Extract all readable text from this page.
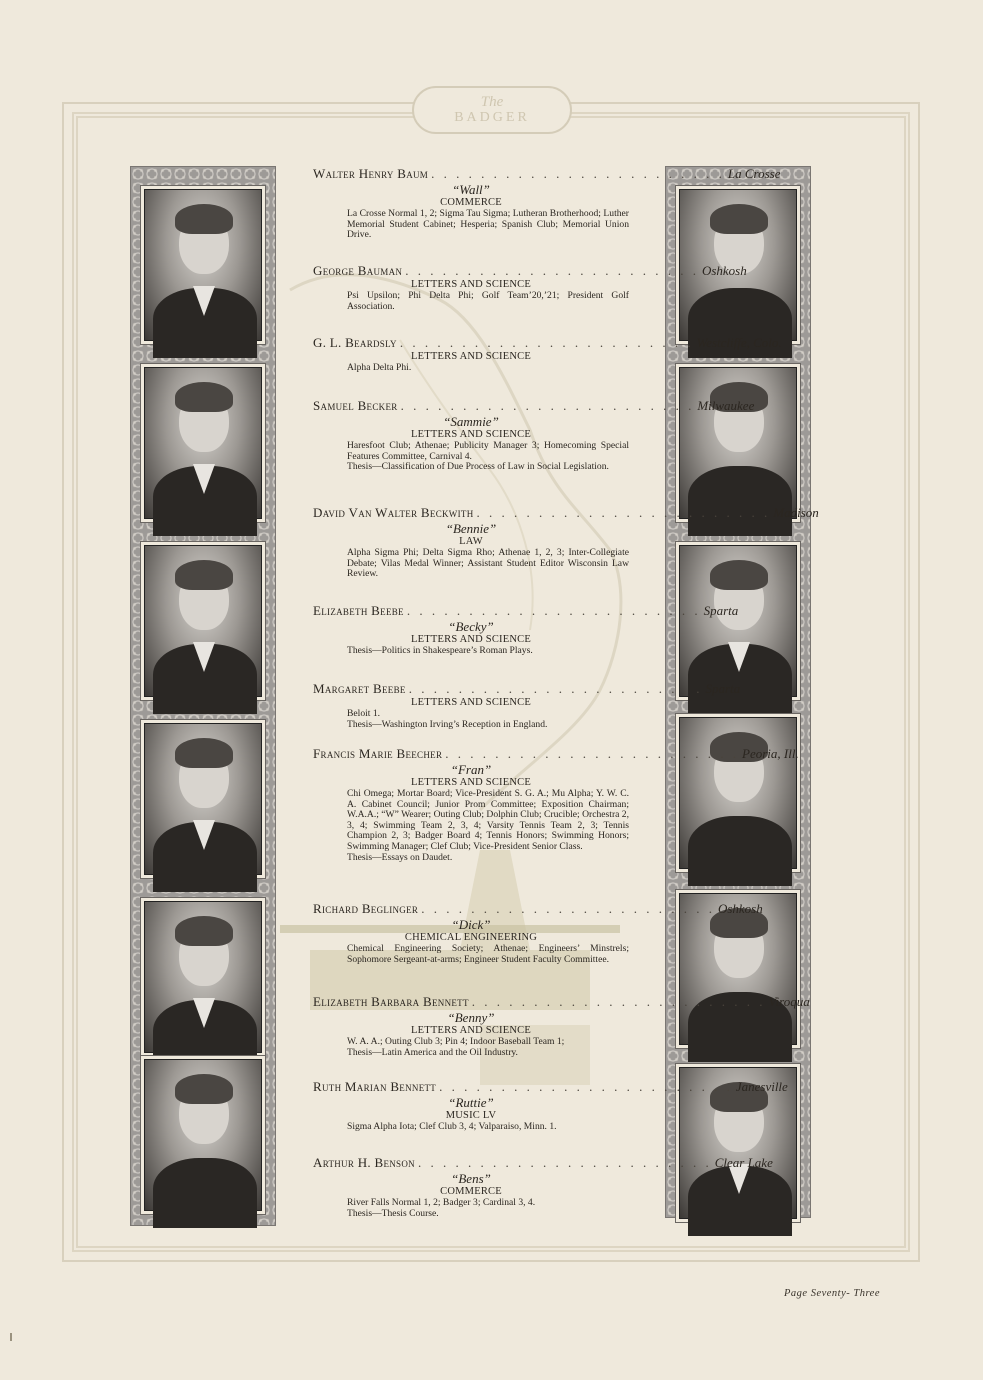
The
BADGER
Walter Henry Baum . . . . . . . . . . . . . . . . . . . . . . . . La Crosse
“Wall”
COMMERCE
La Crosse Normal 1, 2; Sigma Tau Sigma; Lutheran Brotherhood; Luther Memorial Student Cabinet; Hesperia; Spanish Club; Memorial Union Drive.
George Bauman . . . . . . . . . . . . . . . . . . . . . . . . Oshkosh
LETTERS AND SCIENCE
Psi Upsilon; Phi Delta Phi; Golf Team’20,’21; President Golf Association.
G. L. Beardsly . . . . . . . . . . . . . . . . . . . . . . . . Westcliffe, Colo.
LETTERS AND SCIENCE
Alpha Delta Phi.
Samuel Becker . . . . . . . . . . . . . . . . . . . . . . . . Milwaukee
“Sammie”
LETTERS AND SCIENCE
Haresfoot Club; Athenae; Publicity Manager 3; Homecoming Special Features Committee, Carnival 4.
Thesis—Classification of Due Process of Law in Social Legislation.
David Van Walter Beckwith . . . . . . . . . . . . . . . . . . . . . . . . Madison
“Bennie”
LAW
Alpha Sigma Phi; Delta Sigma Rho; Athenae 1, 2, 3; Inter-Collegiate Debate; Vilas Medal Winner; Assistant Student Editor Wisconsin Law Review.
Elizabeth Beebe . . . . . . . . . . . . . . . . . . . . . . . . Sparta
“Becky”
LETTERS AND SCIENCE
Thesis—Politics in Shakespeare’s Roman Plays.
Margaret Beebe . . . . . . . . . . . . . . . . . . . . . . . . Sparta
LETTERS AND SCIENCE
Beloit 1.
Thesis—Washington Irving’s Reception in England.
Francis Marie Beecher . . . . . . . . . . . . . . . . . . . . . . . . Peoria, Ill.
“Fran”
LETTERS AND SCIENCE
Chi Omega; Mortar Board; Vice-President S. G. A.; Mu Alpha; Y. W. C. A. Cabinet Council; Junior Prom Committee; Exposition Chairman; W.A.A.; “W” Wearer; Outing Club; Dolphin Club; Crucible; Orchestra 2, 3, 4; Swimming Team 2, 3, 4; Varsity Tennis Team 2, 3; Tennis Champion 2, 3; Badger Board 4; Tennis Honors; Swimming Honors; Swimming Manager; Clef Club; Vice-President Senior Class.
Thesis—Essays on Daudet.
Richard Beglinger . . . . . . . . . . . . . . . . . . . . . . . . Oshkosh
“Dick”
CHEMICAL ENGINEERING
Chemical Engineering Society; Athenae; Engineers’ Minstrels; Sophomore Sergeant-at-arms; Engineer Student Faculty Committee.
Elizabeth Barbara Bennett . . . . . . . . . . . . . . . . . . . . . . . . Viroqua
“Benny”
LETTERS AND SCIENCE
W. A. A.; Outing Club 3; Pin 4; Indoor Baseball Team 1;
Thesis—Latin America and the Oil Industry.
Ruth Marian Bennett . . . . . . . . . . . . . . . . . . . . . . . . Janesville
“Ruttie”
MUSIC LV
Sigma Alpha Iota; Clef Club 3, 4; Valparaiso, Minn. 1.
Arthur H. Benson . . . . . . . . . . . . . . . . . . . . . . . . Clear Lake
“Bens”
COMMERCE
River Falls Normal 1, 2; Badger 3; Cardinal 3, 4.
Thesis—Thesis Course.
Page Seventy- Three
